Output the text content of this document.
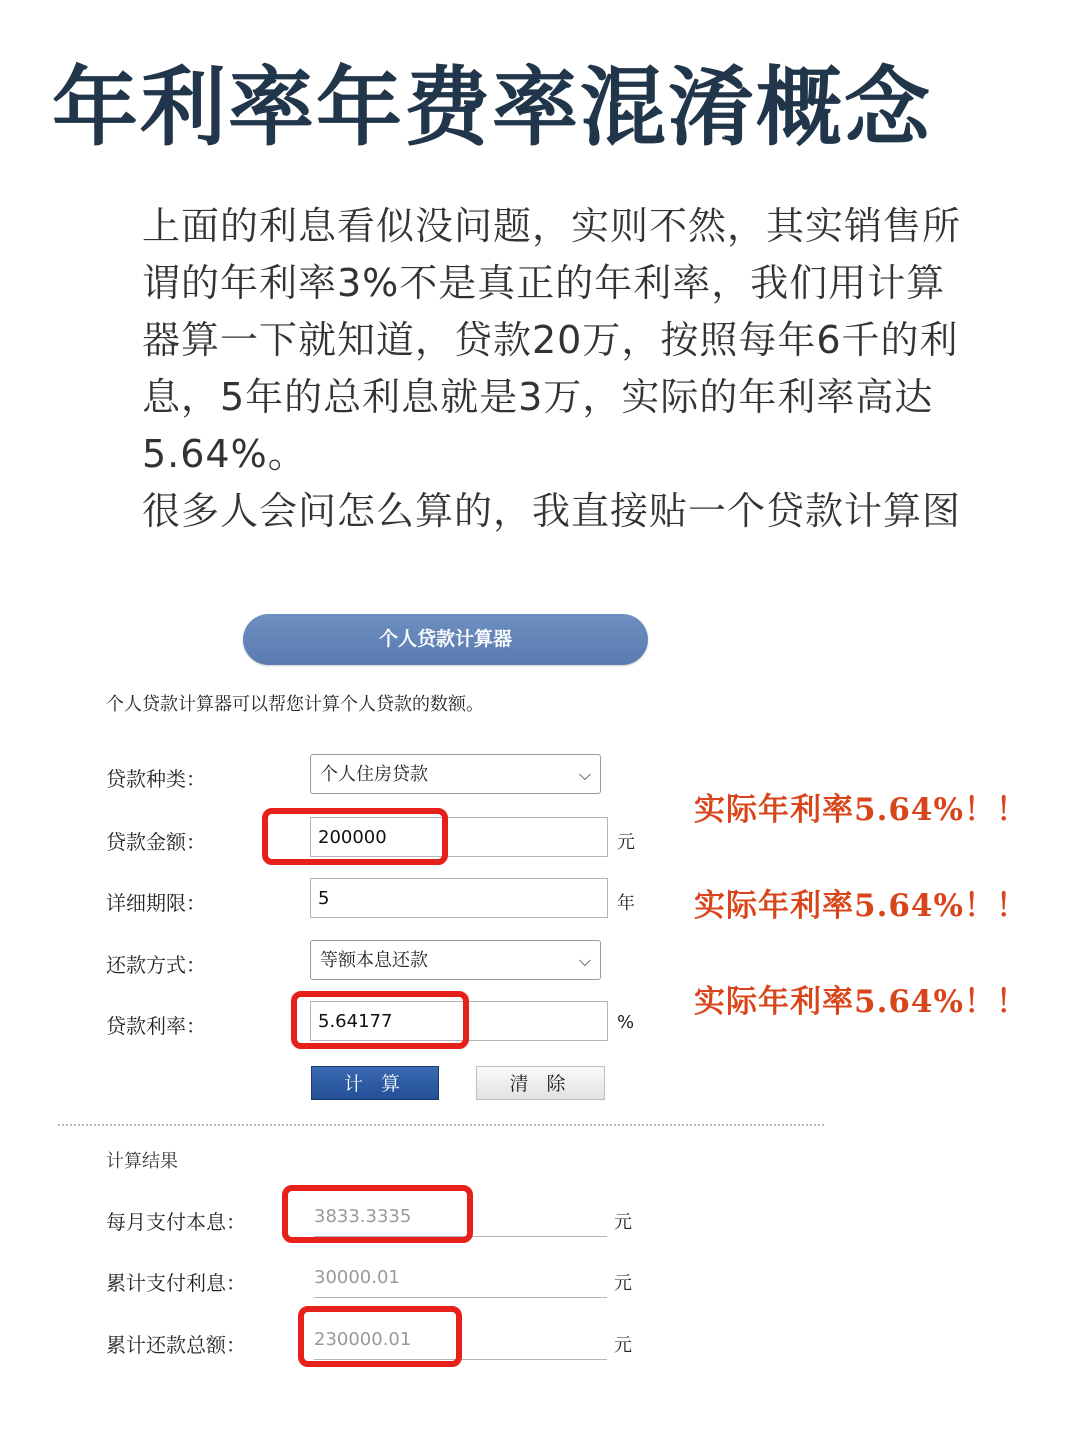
年利率年费率混淆概念

上面的利息看似没问题，实则不然，其实销售所谓的年利率3%不是真正的年利率，我们用计算器算一下就知道，贷款20万，按照每年6千的利息，5年的总利息就是3万，实际的年利率高达5.64%。

很多人会问怎么算的，我直接贴一个贷款计算图

个人贷款计算器
个人贷款计算器可以帮您计算个人贷款的数额。
贷款种类：	个人住房贷款	⌵
贷款金额：	200000	元
详细期限：	5	年
还款方式：	等额本息还款	⌵
贷款利率：	5.64177	%
计 算	清 除
计算结果
每月支付本息：	3833.3335	元
累计支付利息：	30000.01	元
累计还款总额：	230000.01	元
实际年利率5.64%！！
实际年利率5.64%！！
实际年利率5.64%！！
